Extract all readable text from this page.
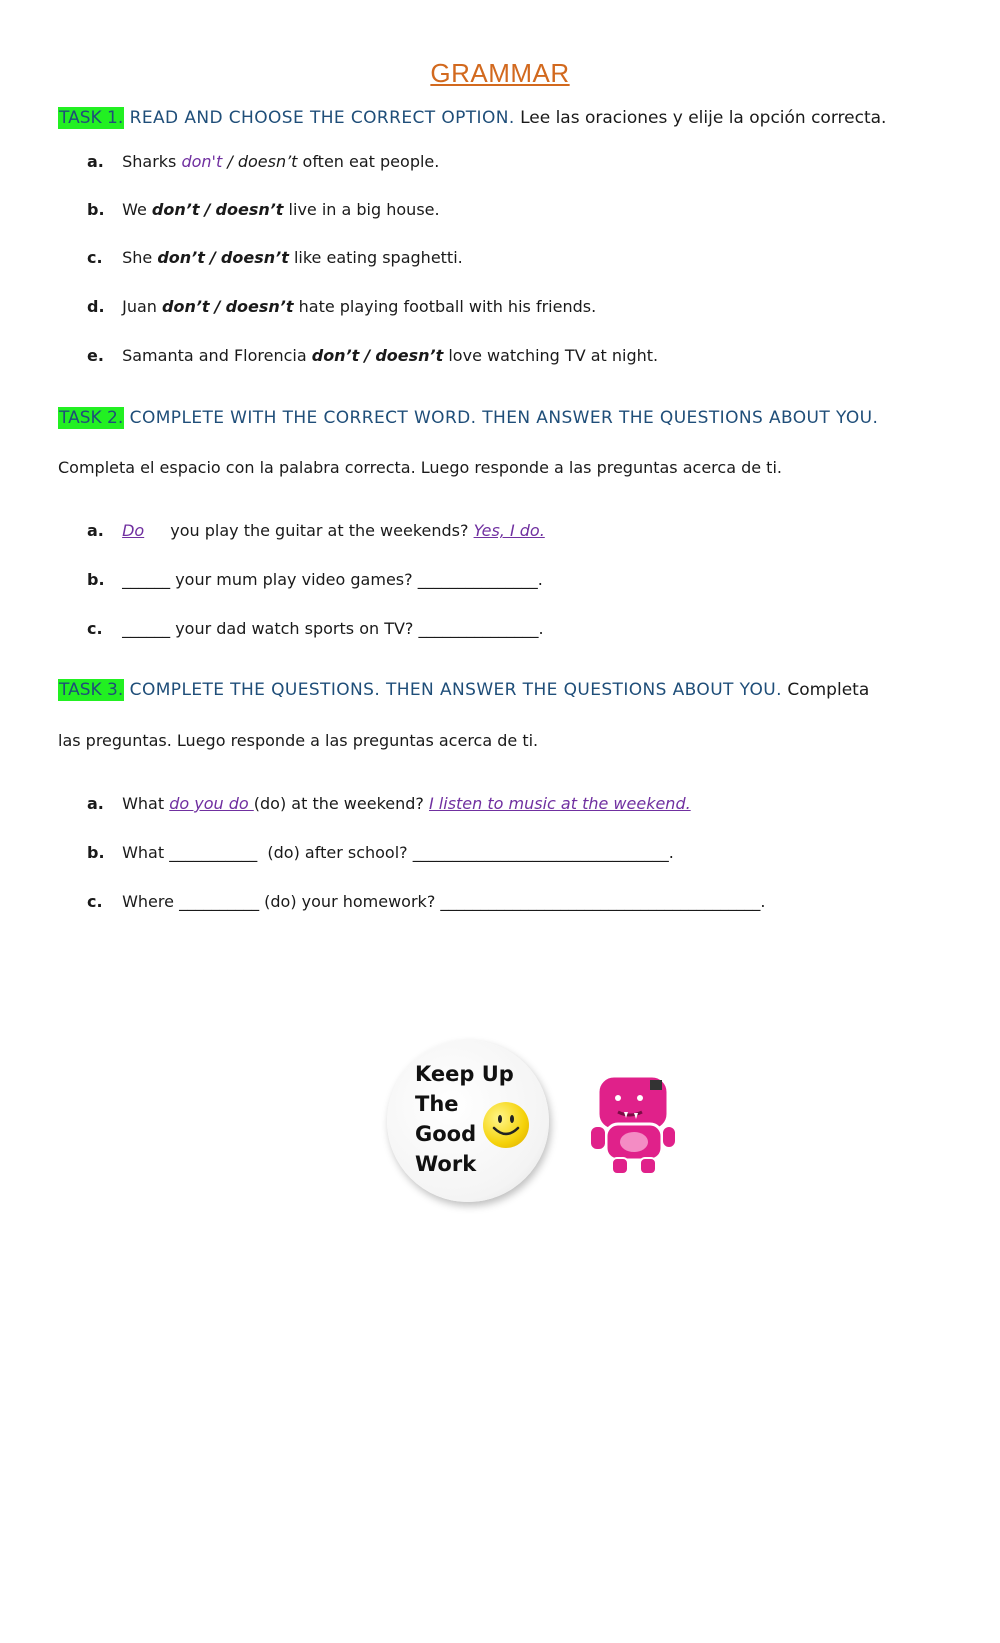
GRAMMAR
TASK 1. READ AND CHOOSE THE CORRECT OPTION. Lee las oraciones y elije la opción correcta.
a. Sharks don't / doesn’t often eat people.
b. We don’t / doesn’t live in a big house.
c. She don’t / doesn’t like eating spaghetti.
d. Juan don’t / doesn’t hate playing football with his friends.
e. Samanta and Florencia don’t / doesn’t love watching TV at night.
TASK 2. COMPLETE WITH THE CORRECT WORD. THEN ANSWER THE QUESTIONS ABOUT YOU.
Completa el espacio con la palabra correcta. Luego responde a las preguntas acerca de ti.
a. Do  you play the guitar at the weekends? Yes, I do.
b. ______ your mum play video games? _______________.
c. ______ your dad watch sports on TV? _______________.
TASK 3. COMPLETE THE QUESTIONS. THEN ANSWER THE QUESTIONS ABOUT YOU. Completa
las preguntas. Luego responde a las preguntas acerca de ti.
a. What do you do (do) at the weekend? I listen to music at the weekend.
b. What ___________ (do) after school? ________________________________.
c. Where __________ (do) your homework? ________________________________________.
Keep Up
The
Good
Work
